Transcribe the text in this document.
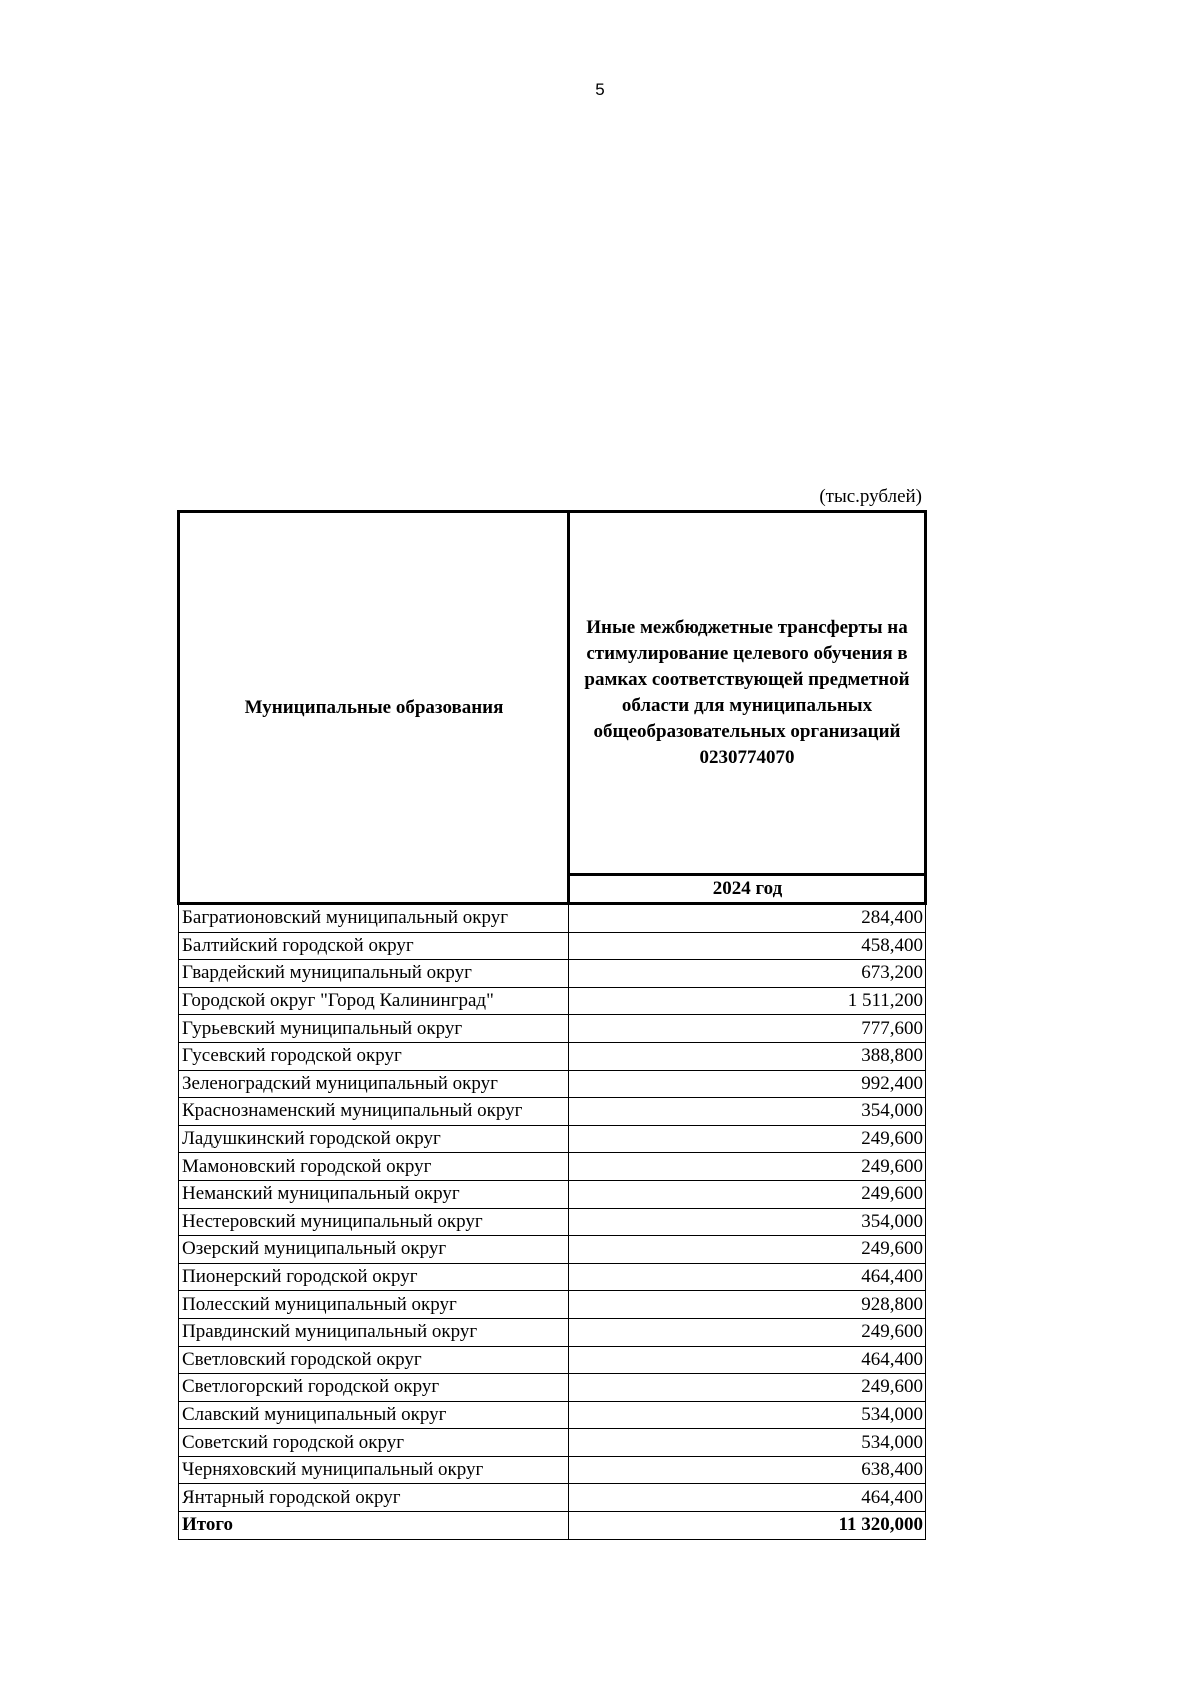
5
(тыс.рублей)
Муниципальные образования	Иные межбюджетные трансферты на стимулирование целевого обучения в рамках соответствующей предметной области для муниципальных общеобразовательных организаций 0230774070
	2024 год
Багратионовский муниципальный округ	284,400
Балтийский городской округ	458,400
Гвардейский муниципальный округ	673,200
Городской округ "Город Калининград"	1 511,200
Гурьевский муниципальный округ	777,600
Гусевский городской округ	388,800
Зеленоградский муниципальный округ	992,400
Краснознаменский муниципальный округ	354,000
Ладушкинский городской округ	249,600
Мамоновский городской округ	249,600
Неманский муниципальный округ	249,600
Нестеровский муниципальный округ	354,000
Озерский муниципальный округ	249,600
Пионерский городской округ	464,400
Полесский муниципальный округ	928,800
Правдинский муниципальный округ	249,600
Светловский городской округ	464,400
Светлогорский городской округ	249,600
Славский муниципальный округ	534,000
Советский городской округ	534,000
Черняховский муниципальный округ	638,400
Янтарный городской округ	464,400
Итого	11 320,000
